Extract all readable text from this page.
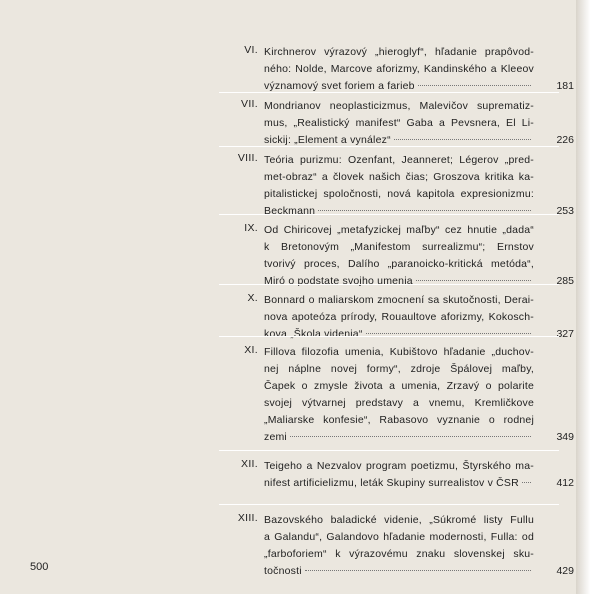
VI. Kirchnerov výrazový „hieroglyf“, hľadanie prapôvod-
ného: Nolde, Marcove aforizmy, Kandinského a Kleeov
významový svet foriem a farieb	181
VII. Mondrianov neoplasticizmus, Malevičov suprematiz-
mus, „Realistický manifest“ Gaba a Pevsnera, El Li-
sickij: „Element a vynález“	226
VIII. Teória purizmu: Ozenfant, Jeanneret; Légerov „pred-
met-obraz“ a človek našich čias; Groszova kritika ka-
pitalistickej spoločnosti, nová kapitola expresionizmu:
Beckmann	253
IX. Od Chiricovej „metafyzickej maľby“ cez hnutie „dada“
k Bretonovým „Manifestom surrealizmu“; Ernstov
tvorivý proces, Dalího „paranoicko-kritická metóda“,
Miró o podstate svojho umenia	285
X. Bonnard o maliarskom zmocnení sa skutočnosti, Derai-
nova apoteóza prírody, Rouaultove aforizmy, Kokosch-
kova „Škola videnia“	327
XI. Fillova filozofia umenia, Kubištovo hľadanie „duchov-
nej náplne novej formy“, zdroje Špálovej maľby,
Čapek o zmysle života a umenia, Zrzavý o polarite
svojej výtvarnej predstavy a vnemu, Kremličkove
„Maliarske konfesie“, Rabasovo vyznanie o rodnej
zemi	349
XII. Teigeho a Nezvalov program poetizmu, Štyrského ma-
nifest artificielizmu, leták Skupiny surrealistov v ČSR	412
XIII. Bazovského baladické videnie, „Súkromé listy Fullu
a Galandu“, Galandovo hľadanie modernosti, Fulla: od
„farboforiem“ k výrazovému znaku slovenskej sku-
točnosti	429
500
